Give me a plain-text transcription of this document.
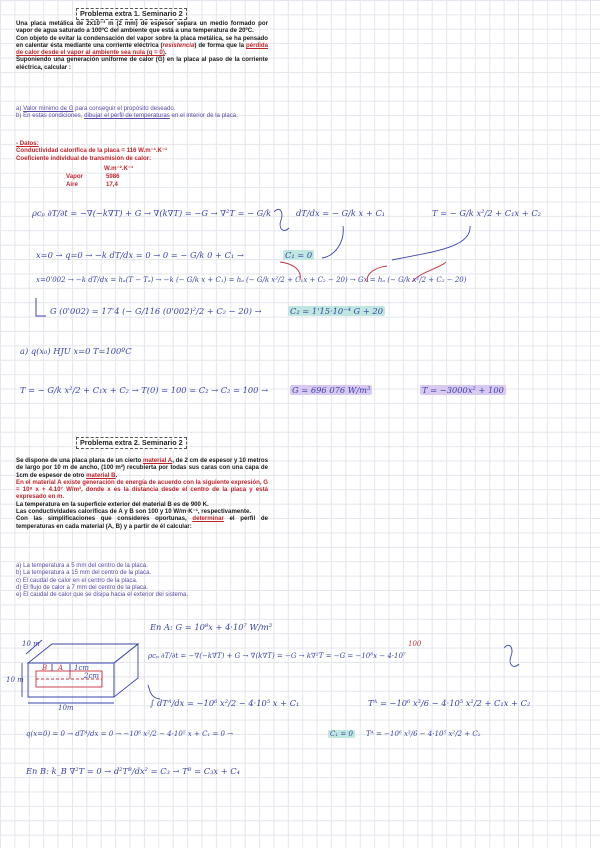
Problema extra 1. Seminario 2
Una placa metálica de 2x10⁻³ m (2 mm) de espesor separa un medio formado por vapor de agua saturado a 100ºC del ambiente que está a una temperatura de 20ºC.
Con objeto de evitar la condensación del vapor sobre la placa metálica, se ha pensado en calentar ésta mediante una corriente eléctrica (resistencia) de forma que la pérdida de calor desde el vapor al ambiente sea nula (q = 0).
Suponiendo una generación uniforme de calor (G) en la placa al paso de la corriente eléctrica, calcular :
a) Valor mínimo de G para conseguir el propósito deseado.
b) En estas condiciones, dibujar el perfil de temperaturas en el interior de la placa.
- Datos:
Conductividad calorífica de la placa = 116 W.m⁻¹.K⁻¹
Coeficiente individual de transmisión de calor:
W.m⁻².K⁻¹
Vapor	5986
Aire	17,4
ρcₚ ∂T/∂t = −∇(−k∇T) + G → ∇(k∇T) = −G → ∇²T = − G/k	dT/dx = − G/k x + C₁	T = − G/k x²/2 + C₁x + C₂
x=0 → q=0 → −k dT/dx = 0 → 0 = − G/k 0 + C₁ →	C₁ = 0
x=0'002 → −k dT/dx = hₐ(T − Tₐ) → −k (− G/k x + C₁) = hₐ (− G/k x²/2 + C₁x + C₂ − 20) → Gx = hₐ (− G/k x²/2 + C₂ − 20)
G (0'002) = 17'4 (− G/116 (0'002)²/2 + C₂ − 20) →	C₂ = 1'15·10⁻⁴ G + 20
a) q(x₀) HJU x=0 T=100ºC
T = − G/k x²/2 + C₁x + C₂ → T(0) = 100 = C₂ → C₂ = 100 →	G = 696 076 W/m³	T = −3000x² + 100
Problema extra 2. Seminario 2
Se dispone de una placa plana de un cierto material A, de 2 cm de espesor y 10 metros de largo por 10 m de ancho, (100 m²) recubierta por todas sus caras con una capa de 1cm de espesor de otro material B.
En el material A existe generación de energía de acuerdo con la siguiente expresión, G = 10⁸ x + 4.10⁷ W/m³, donde x es la distancia desde el centro de la placa y está expresado en m.
La temperatura en la superficie exterior del material B es de 900 K.
Las conductividades caloríficas de A y B son 100 y 10 W/m·K⁻¹, respectivamente.
Con las simplificaciones que consideres oportunas, determinar el perfil de temperaturas en cada material (A, B) y a partir de él calcular:
a) La temperatura a 5 mm del centro de la placa.
b) La temperatura a 15 mm del centro de la placa.
c) El caudal de calor en el centro de la placa.
d) El flujo de calor a 7 mm del centro de la placa.
e) El caudal de calor que se disipa hacia el exterior del sistema.
10 m
B A 1cm
2cm
10 m
10m
En A: G = 10⁸x + 4·10⁷ W/m³
100
ρcₚ ∂T/∂t = −∇(−k∇T) + G → ∇(k∇T) = −G → k∇²T = −G = −10⁸x − 4·10⁷
∫ dTᴬ/dx = −10⁶ x²/2 − 4·10⁵ x + C₁	Tᴬ = −10⁶ x³/6 − 4·10⁵ x²/2 + C₁x + C₂
q(x=0) = 0 → dTᴬ/dx = 0 → −10⁶ x²/2 − 4·10⁵ x + C₁ = 0 →	C₁ = 0 Tᴬ = −10⁶ x³/6 − 4·10⁵ x²/2 + C₂
En B: k_B ∇²T = 0 → d²Tᴮ/dx² = C₃ → Tᴮ = C₃x + C₄
